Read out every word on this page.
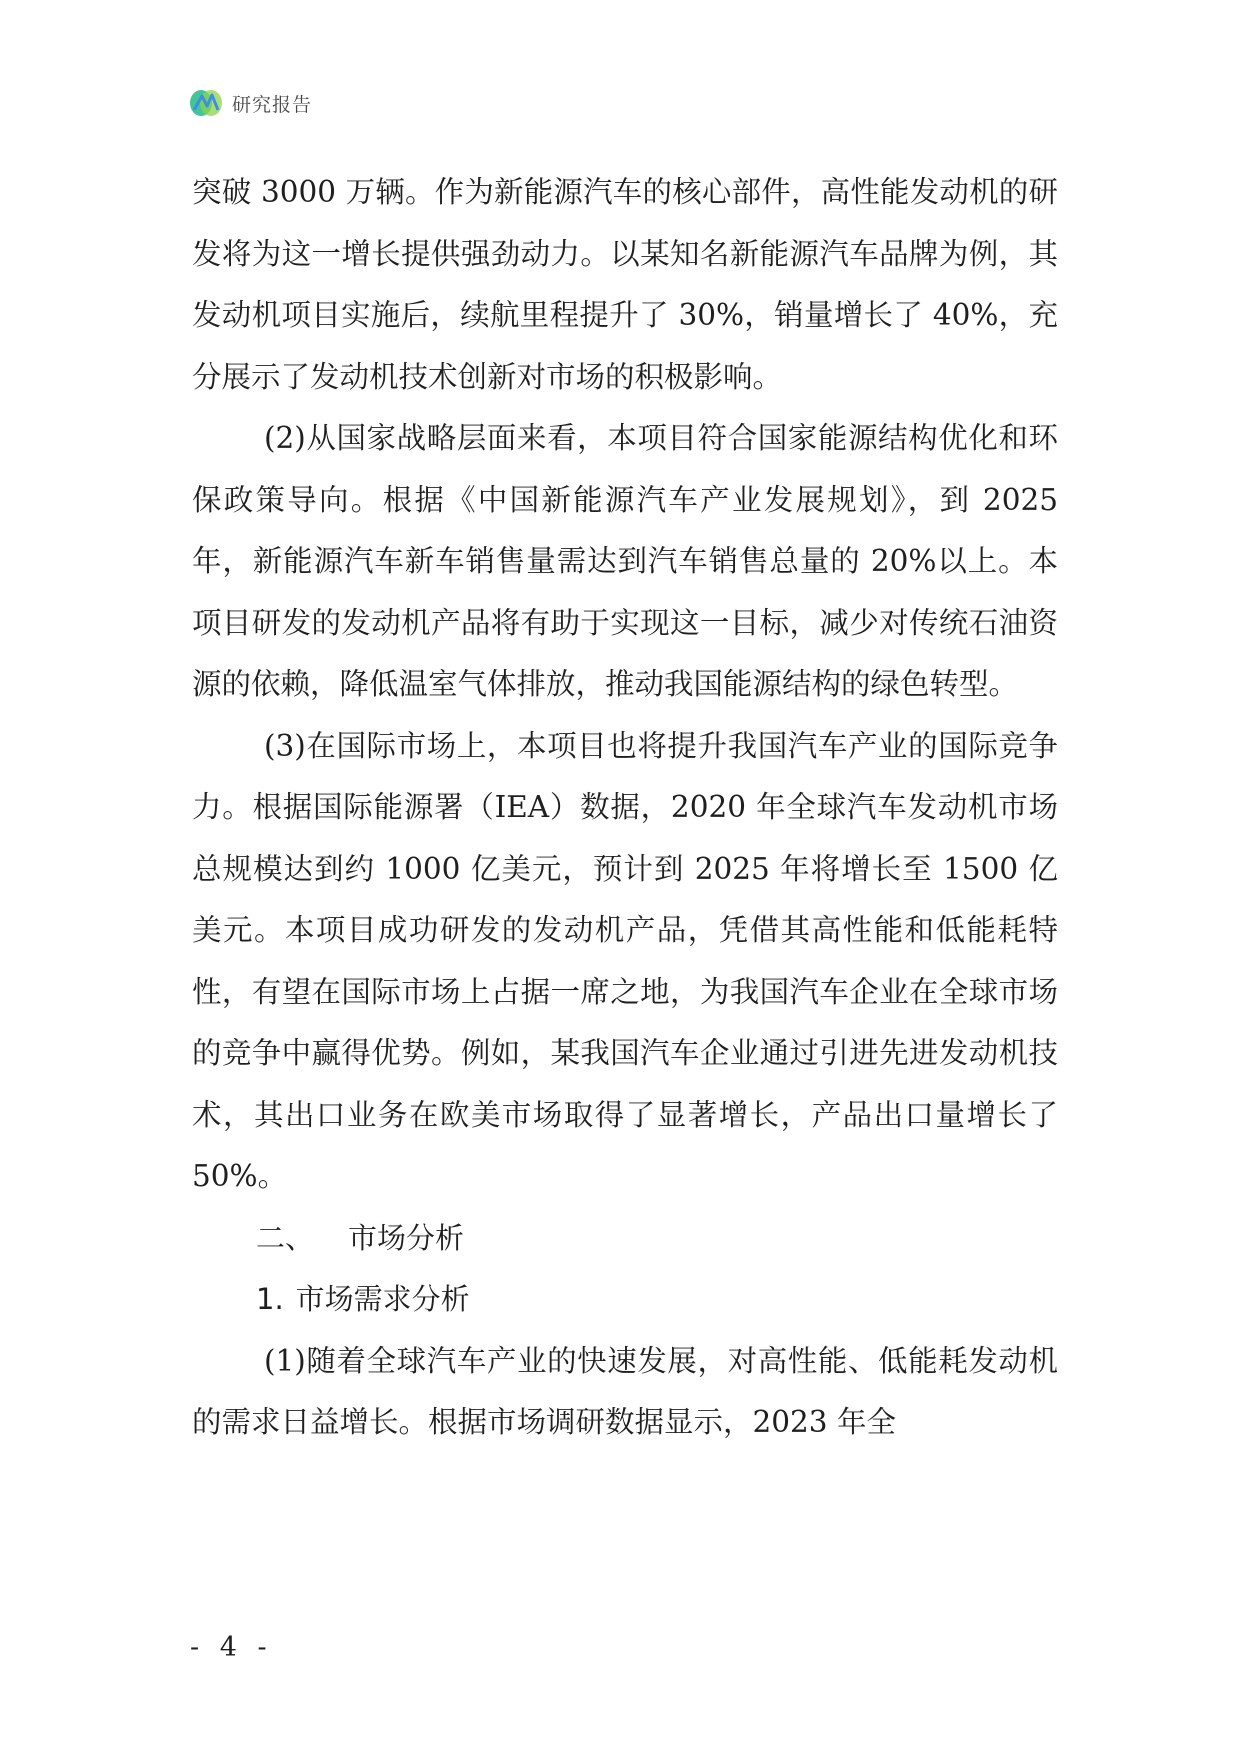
研究报告

突破 3000 万辆。作为新能源汽车的核心部件，高性能发动机的研发将为这一增长提供强劲动力。以某知名新能源汽车品牌为例，其发动机项目实施后，续航里程提升了 30%，销量增长了 40%，充分展示了发动机技术创新对市场的积极影响。

(2)从国家战略层面来看，本项目符合国家能源结构优化和环保政策导向。根据《中国新能源汽车产业发展规划》，到 2025 年，新能源汽车新车销售量需达到汽车销售总量的 20%以上。本项目研发的发动机产品将有助于实现这一目标，减少对传统石油资源的依赖，降低温室气体排放，推动我国能源结构的绿色转型。

(3)在国际市场上，本项目也将提升我国汽车产业的国际竞争力。根据国际能源署（IEA）数据，2020 年全球汽车发动机市场总规模达到约 1000 亿美元，预计到 2025 年将增长至 1500 亿美元。本项目成功研发的发动机产品，凭借其高性能和低能耗特性，有望在国际市场上占据一席之地，为我国汽车企业在全球市场的竞争中赢得优势。例如，某我国汽车企业通过引进先进发动机技术，其出口业务在欧美市场取得了显著增长，产品出口量增长了 50%。

二、 市场分析
1. 市场需求分析

(1)随着全球汽车产业的快速发展，对高性能、低能耗发动机的需求日益增长。根据市场调研数据显示，2023 年全

- 4 -
